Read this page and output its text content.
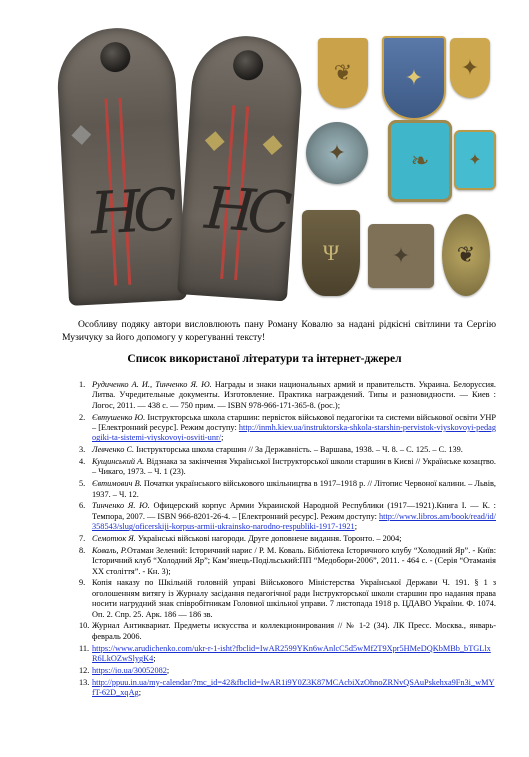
НС НС
❦ ✦ ✦
✦	❧ ✦
Ψ ✦ ❦

Особливу подяку автори висловлюють пану Роману Ковалю за надані рідкісні світлини та Сергію Музичуку за його допомогу у корегуванні тексту!

Список використаної літератури та інтернет-джерел
1. Рудиченко А. И., Тинченко Я. Ю. Награды и знаки национальных армий и правительств. Украина. Белоруссия. Литва. Учредительные документы. Изготовление. Практика награждений. Типы и разновидности. — Киев : Логос, 2011. — 438 с. — 750 прим. — ISBN 978-966-171-365-8. (рос.);
2. Євтушенко Ю. Інструкторська школа старшин: первісток військової педагогіки та системи військової освіти УНР – [Електронний ресурс]. Режим доступу: http://inmh.kiev.ua/instruktorska-shkola-starshin-pervistok-viyskovoyi-pedagogiki-ta-sistemi-viyskovoyi-osviti-unr/;
3. Левченко С. Інструкторська школа старшин // За Державність. – Варшава, 1938. – Ч. 8. – С. 125. – С. 139.
4. Кущинський А. Відзнака за закінчення Української Інструкторської школи старшин в Києві // Українське козацтво. – Чикаго, 1973. – Ч. 1 (23).
5. Євтимович В. Початки українського військового шкільництва в 1917–1918 р. // Літопис Червоної калини. – Львів, 1937. – Ч. 12.
6. Тинченко Я. Ю. Офицерский корпус Армии Украинской Народной Республики (1917—1921).Книга I. — К. : Темпора, 2007. — ISBN 966-8201-26-4. – [Електронний ресурс]. Режим доступу: http://www.libros.am/book/read/id/358543/slug/oficerskiji-korpus-armii-ukrainsko-narodno-respubliki-1917-1921;
7. Семотюк Я. Українські військові нагороди. Друге доповнене видання. Торонто. – 2004;
8. Коваль, Р.Отаман Зелений: Історичний нарис / Р. М. Коваль. Бібліотека Історичного клубу “Холодний Яр”. - Київ: Історичний клуб “Холодний Яр”; Кам’янець-Подільський:ПП “Медобори-2006”, 2011. - 464 с. - (Серія “Отаманія XX століття”. - Кн. 3);
9. Копія наказу по Шкільній головній управі Військового Міністерства Української Держави Ч. 191. § 1 з оголошенням витягу із Журналу засідання педагогічної ради Інструкторської школи старшин про надання права носити нагрудний знак співробітникам Головної шкільної управи. 7 листопада 1918 р. ЦДАВО України. Ф. 1074. Оп. 2. Спр. 25. Арк. 186 — 186 зв.
10. Журнал Антиквариат. Предметы искусства и коллекционирования // № 1-2 (34). ЛК Пресс. Москва., январь-февраль 2006.
11. https://www.arudichenko.com/ukr-r-1-isht?fbclid=IwAR2599YKn6wAnlcC5d5wMf2T9Xpr5HMeDQKbMBb_bTGLlxR6LkOZwSlygK4;
12. https://io.ua/30052082;
13. http://ppuu.in.ua/my-calendar/?mc_id=42&fbclid=IwAR1i9Y0Z3K87MCAcbiXzOhnoZRNvQSAuPskehxa9Fn3i_wMYfT-62D_xqAg;
